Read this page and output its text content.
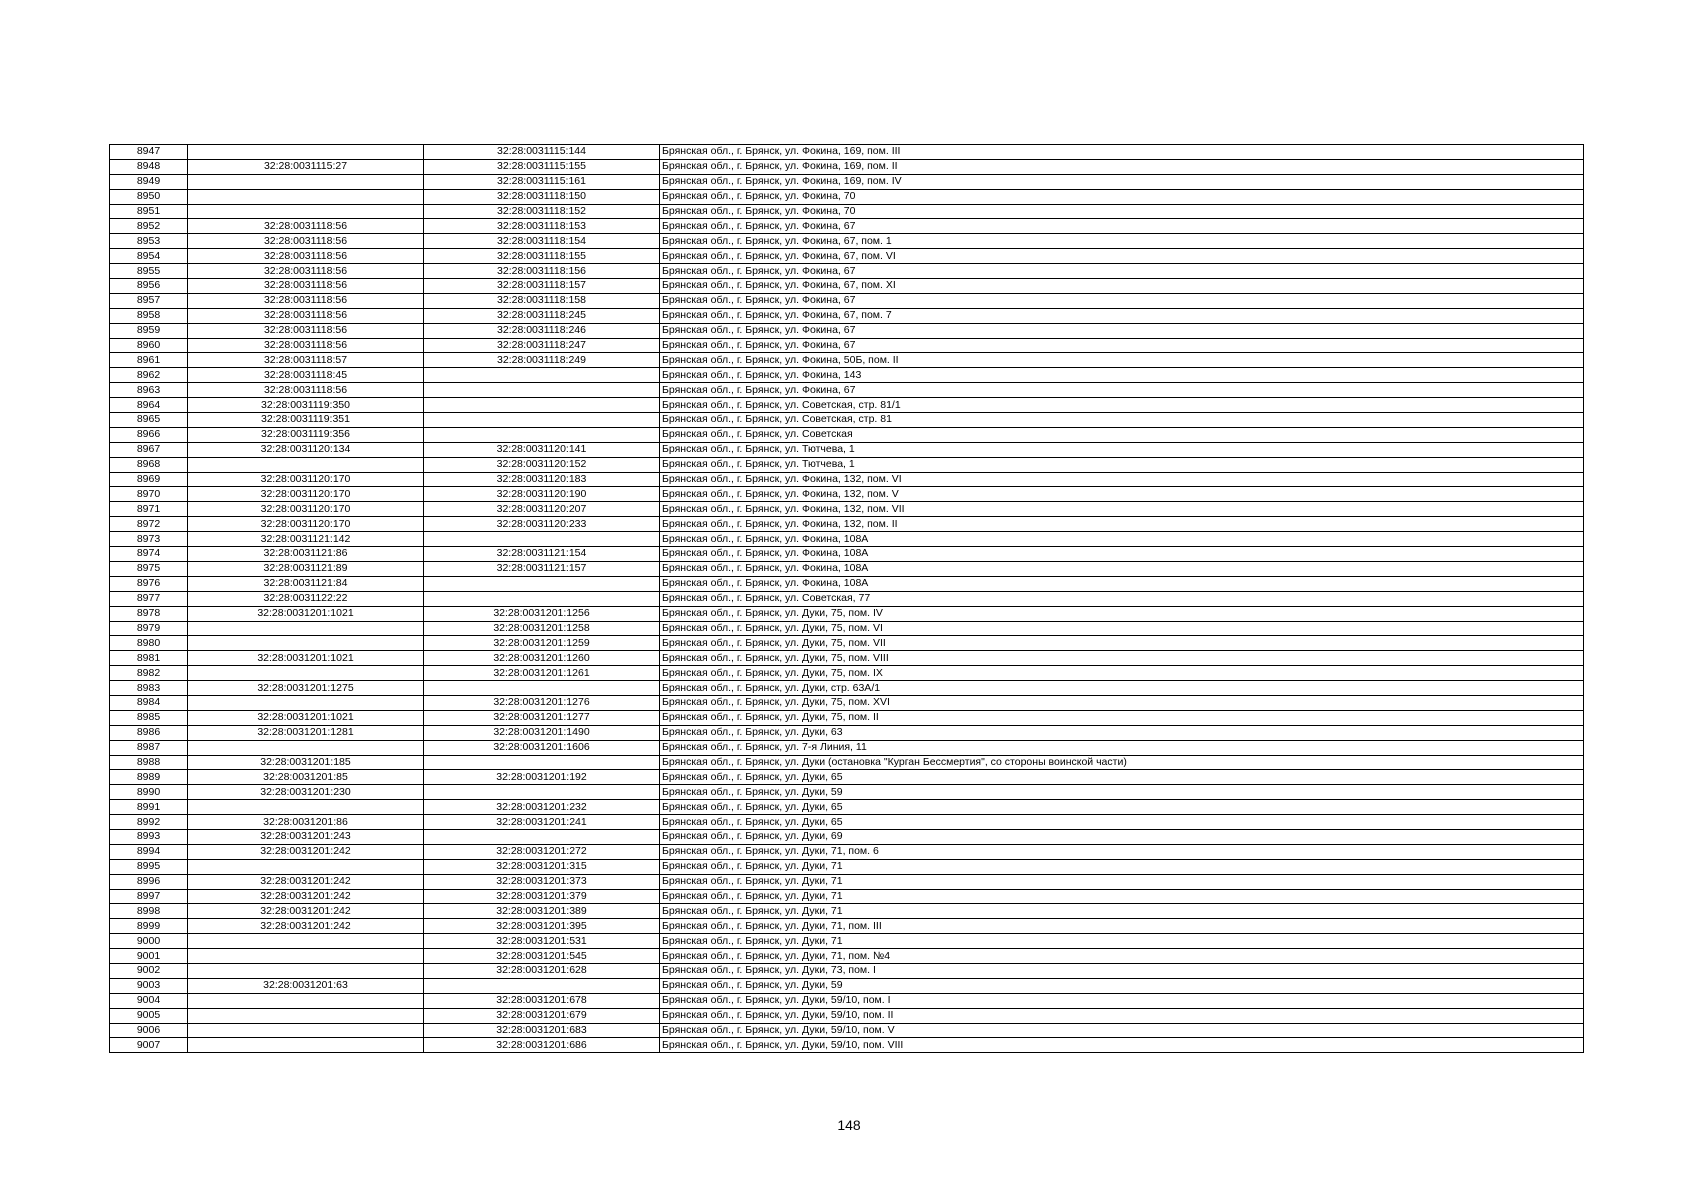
8947		32:28:0031115:144	Брянская обл., г. Брянск, ул. Фокина, 169, пом. III
8948	32:28:0031115:27	32:28:0031115:155	Брянская обл., г. Брянск, ул. Фокина, 169, пом. II
8949		32:28:0031115:161	Брянская обл., г. Брянск, ул. Фокина, 169, пом. IV
8950		32:28:0031118:150	Брянская обл., г. Брянск, ул. Фокина, 70
8951		32:28:0031118:152	Брянская обл., г. Брянск, ул. Фокина, 70
8952	32:28:0031118:56	32:28:0031118:153	Брянская обл., г. Брянск, ул. Фокина, 67
8953	32:28:0031118:56	32:28:0031118:154	Брянская обл., г. Брянск, ул. Фокина, 67, пом. 1
8954	32:28:0031118:56	32:28:0031118:155	Брянская обл., г. Брянск, ул. Фокина, 67, пом. VI
8955	32:28:0031118:56	32:28:0031118:156	Брянская обл., г. Брянск, ул. Фокина, 67
8956	32:28:0031118:56	32:28:0031118:157	Брянская обл., г. Брянск, ул. Фокина, 67, пом. XI
8957	32:28:0031118:56	32:28:0031118:158	Брянская обл., г. Брянск, ул. Фокина, 67
8958	32:28:0031118:56	32:28:0031118:245	Брянская обл., г. Брянск, ул. Фокина, 67, пом. 7
8959	32:28:0031118:56	32:28:0031118:246	Брянская обл., г. Брянск, ул. Фокина, 67
8960	32:28:0031118:56	32:28:0031118:247	Брянская обл., г. Брянск, ул. Фокина, 67
8961	32:28:0031118:57	32:28:0031118:249	Брянская обл., г. Брянск, ул. Фокина, 50Б, пом. II
8962	32:28:0031118:45		Брянская обл., г. Брянск, ул. Фокина, 143
8963	32:28:0031118:56		Брянская обл., г. Брянск, ул. Фокина, 67
8964	32:28:0031119:350		Брянская обл., г. Брянск, ул. Советская, стр. 81/1
8965	32:28:0031119:351		Брянская обл., г. Брянск, ул. Советская, стр. 81
8966	32:28:0031119:356		Брянская обл., г. Брянск, ул. Советская
8967	32:28:0031120:134	32:28:0031120:141	Брянская обл., г. Брянск, ул. Тютчева, 1
8968		32:28:0031120:152	Брянская обл., г. Брянск, ул. Тютчева, 1
8969	32:28:0031120:170	32:28:0031120:183	Брянская обл., г. Брянск, ул. Фокина, 132, пом. VI
8970	32:28:0031120:170	32:28:0031120:190	Брянская обл., г. Брянск, ул. Фокина, 132, пом. V
8971	32:28:0031120:170	32:28:0031120:207	Брянская обл., г. Брянск, ул. Фокина, 132, пом. VII
8972	32:28:0031120:170	32:28:0031120:233	Брянская обл., г. Брянск, ул. Фокина, 132, пом. II
8973	32:28:0031121:142		Брянская обл., г. Брянск, ул. Фокина, 108А
8974	32:28:0031121:86	32:28:0031121:154	Брянская обл., г. Брянск, ул. Фокина, 108А
8975	32:28:0031121:89	32:28:0031121:157	Брянская обл., г. Брянск, ул. Фокина, 108А
8976	32:28:0031121:84		Брянская обл., г. Брянск, ул. Фокина, 108А
8977	32:28:0031122:22		Брянская обл., г. Брянск, ул. Советская, 77
8978	32:28:0031201:1021	32:28:0031201:1256	Брянская обл., г. Брянск, ул. Дуки, 75, пом. IV
8979		32:28:0031201:1258	Брянская обл., г. Брянск, ул. Дуки, 75, пом. VI
8980		32:28:0031201:1259	Брянская обл., г. Брянск, ул. Дуки, 75, пом. VII
8981	32:28:0031201:1021	32:28:0031201:1260	Брянская обл., г. Брянск, ул. Дуки, 75, пом. VIII
8982		32:28:0031201:1261	Брянская обл., г. Брянск, ул. Дуки, 75, пом. IX
8983	32:28:0031201:1275		Брянская обл., г. Брянск, ул. Дуки, стр. 63А/1
8984		32:28:0031201:1276	Брянская обл., г. Брянск, ул. Дуки, 75, пом. XVI
8985	32:28:0031201:1021	32:28:0031201:1277	Брянская обл., г. Брянск, ул. Дуки, 75, пом. II
8986	32:28:0031201:1281	32:28:0031201:1490	Брянская обл., г. Брянск, ул. Дуки, 63
8987		32:28:0031201:1606	Брянская обл., г. Брянск, ул. 7-я Линия, 11
8988	32:28:0031201:185		Брянская обл., г. Брянск, ул. Дуки (остановка "Курган Бессмертия", со стороны воинской части)
8989	32:28:0031201:85	32:28:0031201:192	Брянская обл., г. Брянск, ул. Дуки, 65
8990	32:28:0031201:230		Брянская обл., г. Брянск, ул. Дуки, 59
8991		32:28:0031201:232	Брянская обл., г. Брянск, ул. Дуки, 65
8992	32:28:0031201:86	32:28:0031201:241	Брянская обл., г. Брянск, ул. Дуки, 65
8993	32:28:0031201:243		Брянская обл., г. Брянск, ул. Дуки, 69
8994	32:28:0031201:242	32:28:0031201:272	Брянская обл., г. Брянск, ул. Дуки, 71, пом. 6
8995		32:28:0031201:315	Брянская обл., г. Брянск, ул. Дуки, 71
8996	32:28:0031201:242	32:28:0031201:373	Брянская обл., г. Брянск, ул. Дуки, 71
8997	32:28:0031201:242	32:28:0031201:379	Брянская обл., г. Брянск, ул. Дуки, 71
8998	32:28:0031201:242	32:28:0031201:389	Брянская обл., г. Брянск, ул. Дуки, 71
8999	32:28:0031201:242	32:28:0031201:395	Брянская обл., г. Брянск, ул. Дуки, 71, пом. III
9000		32:28:0031201:531	Брянская обл., г. Брянск, ул. Дуки, 71
9001		32:28:0031201:545	Брянская обл., г. Брянск, ул. Дуки, 71, пом. №4
9002		32:28:0031201:628	Брянская обл., г. Брянск, ул. Дуки, 73, пом. I
9003	32:28:0031201:63		Брянская обл., г. Брянск, ул. Дуки, 59
9004		32:28:0031201:678	Брянская обл., г. Брянск, ул. Дуки, 59/10, пом. I
9005		32:28:0031201:679	Брянская обл., г. Брянск, ул. Дуки, 59/10, пом. II
9006		32:28:0031201:683	Брянская обл., г. Брянск, ул. Дуки, 59/10, пом. V
9007		32:28:0031201:686	Брянская обл., г. Брянск, ул. Дуки, 59/10, пом. VIII
148
